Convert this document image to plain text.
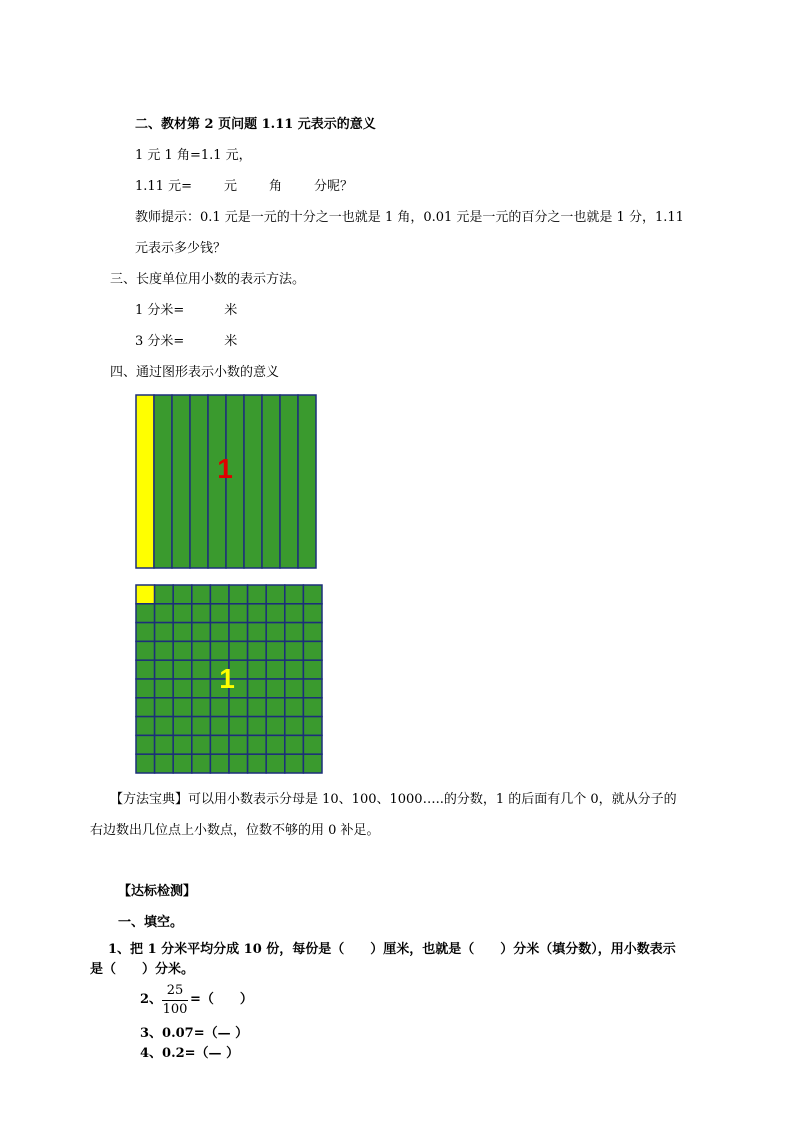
二、教材第 2 页问题 1.11 元表示的意义
1 元 1 角=1.1 元，
1.11 元= 元 角 分呢？
教师提示：0.1 元是一元的十分之一也就是 1 角，0.01 元是一元的百分之一也就是 1 分，1.11
元表示多少钱？
三、长度单位用小数的表示方法。
1 分米=	米
3 分米=	米
四、通过图形表示小数的意义
1
1
【方法宝典】可以用小数表示分母是 10、100、1000…..的分数，1 的后面有几个 0，就从分子的
右边数出几位点上小数点，位数不够的用 0 补足。
【达标检测】
一、填空。
1、把 1 分米平均分成 10 份，每份是（　　）厘米，也就是（　　）分米（填分数），用小数表示
是（　　）分米。
2、
25
100
=（　　）
3、0.07=（— ）
4、0.2=（— ）
